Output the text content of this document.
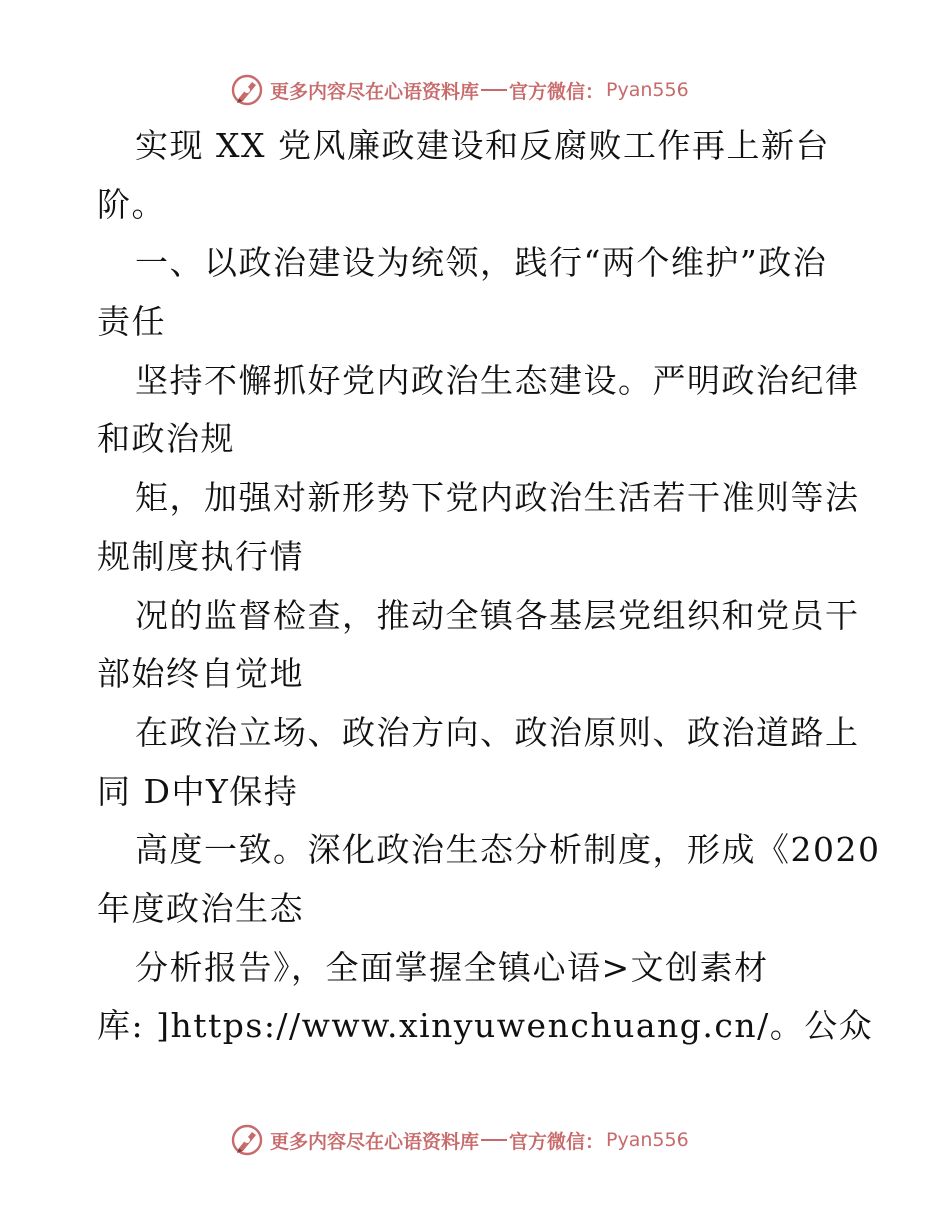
更多内容尽在心语资料库 官方微信： Pyan556
实现 XX 党风廉政建设和反腐败工作再上新台
阶。
一、以政治建设为统领，践行“两个维护”政治
责任
坚持不懈抓好党内政治生态建设。严明政治纪律
和政治规
矩，加强对新形势下党内政治生活若干准则等法
规制度执行情
况的监督检查，推动全镇各基层党组织和党员干
部始终自觉地
在政治立场、政治方向、政治原则、政治道路上
同 D中Y保持
高度一致。深化政治生态分析制度，形成《2020
年度政治生态
分析报告》，全面掌握全镇心语>文创素材
库: ]https://www.xinyuwenchuang.cn/。公众
更多内容尽在心语资料库 官方微信： Pyan556
